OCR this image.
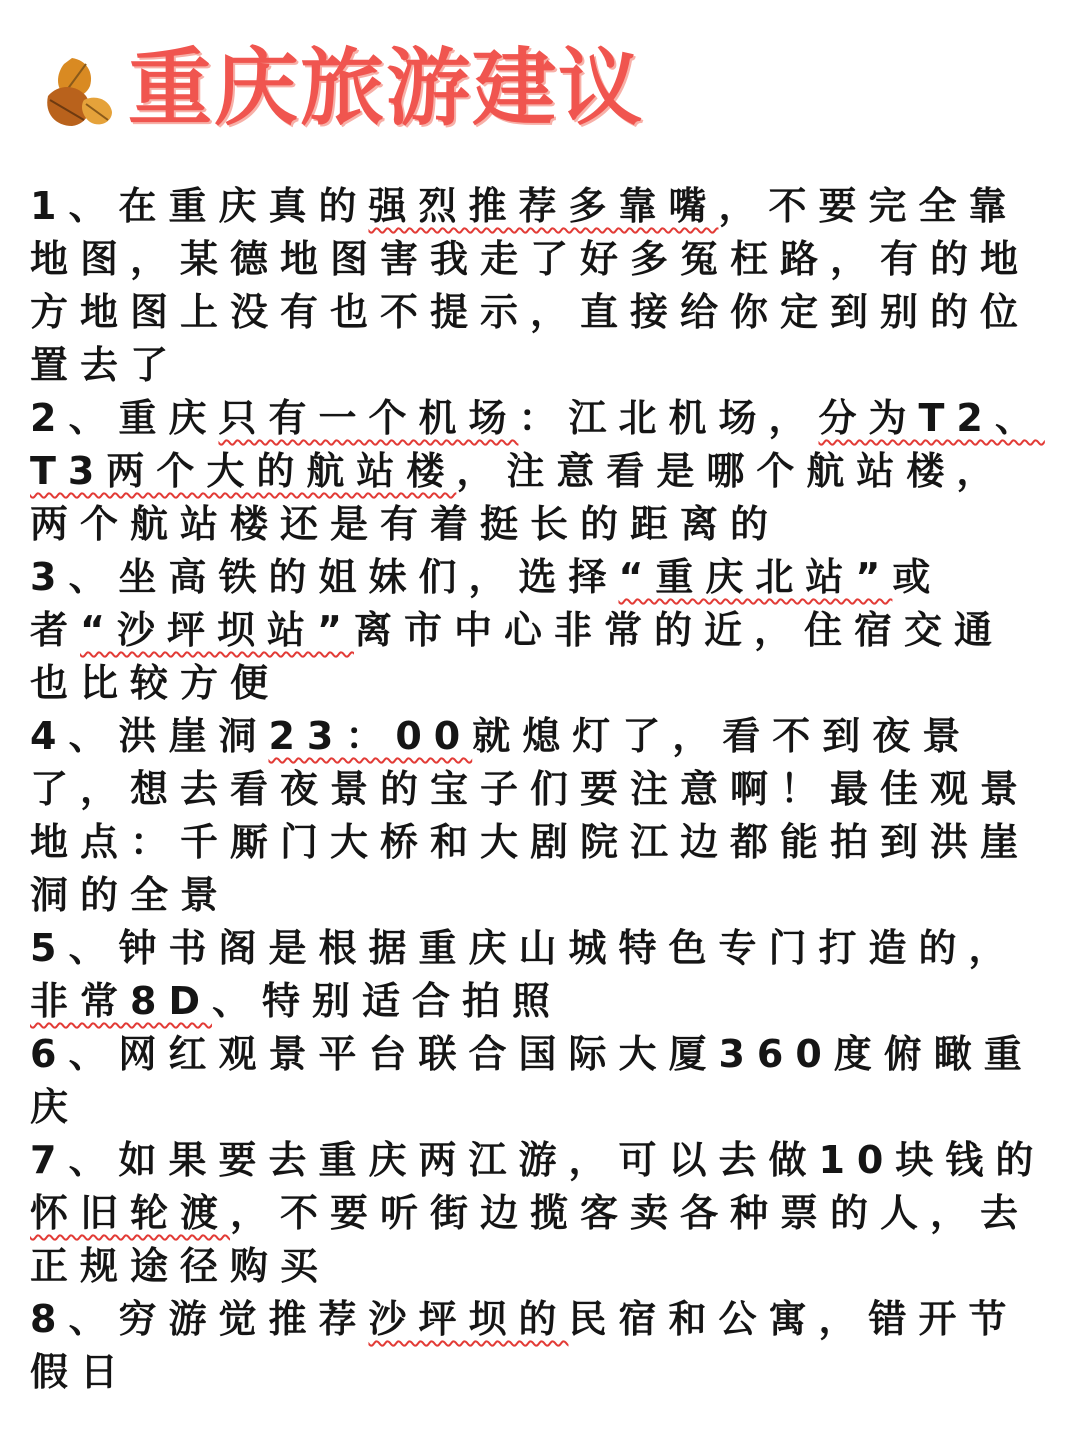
重庆旅游建议

1、在重庆真的强烈推荐多靠嘴，不要完全靠地图，某德地图害我走了好多冤枉路，有的地方地图上没有也不提示，直接给你定到别的位置去了

2、重庆只有一个机场：江北机场，分为T2、T3两个大的航站楼，注意看是哪个航站楼，两个航站楼还是有着挺长的距离的

3、坐高铁的姐妹们，选择“重庆北站”或者“沙坪坝站”离市中心非常的近，住宿交通也比较方便

4、洪崖洞23：00就熄灯了，看不到夜景了，想去看夜景的宝子们要注意啊！最佳观景地点：千厮门大桥和大剧院江边都能拍到洪崖洞的全景

5、钟书阁是根据重庆山城特色专门打造的，非常8D、特别适合拍照

6、网红观景平台联合国际大厦360度俯瞰重庆

7、如果要去重庆两江游，可以去做10块钱的怀旧轮渡，不要听街边揽客卖各种票的人，去正规途径购买

8、穷游觉推荐沙坪坝的民宿和公寓，错开节假日
